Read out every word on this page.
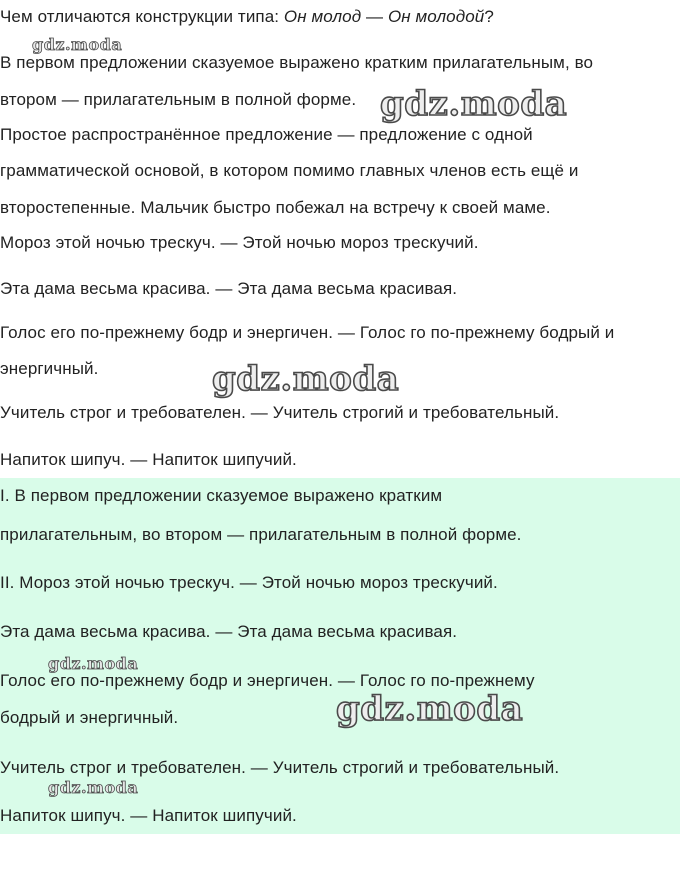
Чем отличаются конструкции типа: Он молод — Он молодой?
В первом предложении сказуемое выражено кратким прилагательным, во
втором — прилагательным в полной форме.
Простое распространённое предложение — предложение с одной
грамматической основой, в котором помимо главных членов есть ещё и
второстепенные. Мальчик быстро побежал на встречу к своей маме.
Мороз этой ночью трескуч. — Этой ночью мороз трескучий.
Эта дама весьма красива. — Эта дама весьма красивая.
Голос его по-прежнему бодр и энергичен. — Голос го по-прежнему бодрый и
энергичный.
Учитель строг и требователен. — Учитель строгий и требовательный.
Напиток шипуч. — Напиток шипучий.
I. В первом предложении сказуемое выражено кратким
прилагательным, во втором — прилагательным в полной форме.
II. Мороз этой ночью трескуч. — Этой ночью мороз трескучий.
Эта дама весьма красива. — Эта дама весьма красивая.
Голос его по-прежнему бодр и энергичен. — Голос го по-прежнему
бодрый и энергичный.
Учитель строг и требователен. — Учитель строгий и требовательный.
Напиток шипуч. — Напиток шипучий.
gdz.moda
gdz.moda
gdz.moda
gdz.moda
gdz.moda
gdz.moda
